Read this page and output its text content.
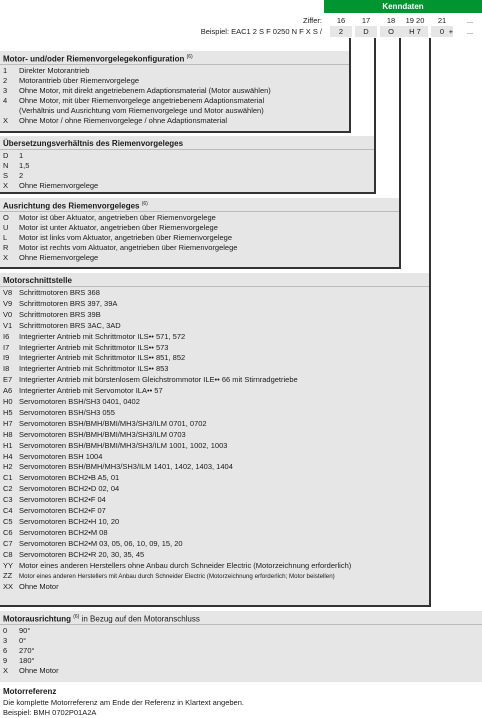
Kenndaten
Ziffer:	16	17	18	19 20	21	...
Beispiel: EAC1 2 S F 0250 N F X S /	2	D	O	H 7	0 +	...
Motor- und/oder Riemenvorgelegekonfiguration $^{(6)}$
1 Direkter Motorantrieb
2 Motorantrieb über Riemenvorgelege
3 Ohne Motor, mit direkt angetriebenem Adaptionsmaterial (Motor auswählen)
4 Ohne Motor, mit über Riemenvorgelege angetriebenem Adaptionsmaterial
(Verhältnis und Ausrichtung vom Riemenvorgelege und Motor auswählen)
X Ohne Motor / ohne Riemenvorgelege / ohne Adaptionsmaterial
Übersetzungsverhältnis des Riemenvorgeleges
D 1
N 1,5
S 2
X Ohne Riemenvorgelege
Ausrichtung des Riemenvorgeleges $^{(6)}$
O Motor ist über Aktuator, angetrieben über Riemenvorgelege
U Motor ist unter Aktuator, angetrieben über Riemenvorgelege
L Motor ist links vom Aktuator, angetrieben über Riemenvorgelege
R Motor ist rechts vom Aktuator, angetrieben über Riemenvorgelege
X Ohne Riemenvorgelege
Motorschnittstelle
V8 Schrittmotoren BRS 368
V9 Schrittmotoren BRS 397, 39A
V0 Schrittmotoren BRS 39B
V1 Schrittmotoren BRS 3AC, 3AD
I6 Integrierter Antrieb mit Schrittmotor ILS•• 571, 572
I7 Integrierter Antrieb mit Schrittmotor ILS•• 573
I9 Integrierter Antrieb mit Schrittmotor ILS•• 851, 852
I8 Integrierter Antrieb mit Schrittmotor ILS•• 853
E7 Integrierter Antrieb mit bürstenlosem Gleichstrommotor ILE•• 66 mit Stirnradgetriebe
A6 Integrierter Antrieb mit Servomotor ILA•• 57
H0 Servomotoren BSH/SH3 0401, 0402
H5 Servomotoren BSH/SH3 055
H7 Servomotoren BSH/BMH/BMI/MH3/SH3/ILM 0701, 0702
H8 Servomotoren BSH/BMH/BMI/MH3/SH3/ILM 0703
H1 Servomotoren BSH/BMH/BMI/MH3/SH3/ILM 1001, 1002, 1003
H4 Servomotoren BSH 1004
H2 Servomotoren BSH/BMH/MH3/SH3/ILM 1401, 1402, 1403, 1404
C1 Servomotoren BCH2•B A5, 01
C2 Servomotoren BCH2•D 02, 04
C3 Servomotoren BCH2•F 04
C4 Servomotoren BCH2•F 07
C5 Servomotoren BCH2•H 10, 20
C6 Servomotoren BCH2•M 08
C7 Servomotoren BCH2•M 03, 05, 06, 10, 09, 15, 20
C8 Servomotoren BCH2•R 20, 30, 35, 45
YY Motor eines anderen Herstellers ohne Anbau durch Schneider Electric (Motorzeichnung erforderlich)
ZZ Motor eines anderen Herstellers mit Anbau durch Schneider Electric (Motorzeichnung erforderlich; Motor beistellen)
XX Ohne Motor
Motorausrichtung $^{(6)}$ in Bezug auf den Motoranschluss
0 90°
3 0°
6 270°
9 180°
X Ohne Motor
Motorreferenz
Die komplette Motorreferenz am Ende der Referenz in Klartext angeben.
Beispiel: BMH 0702P01A2A
